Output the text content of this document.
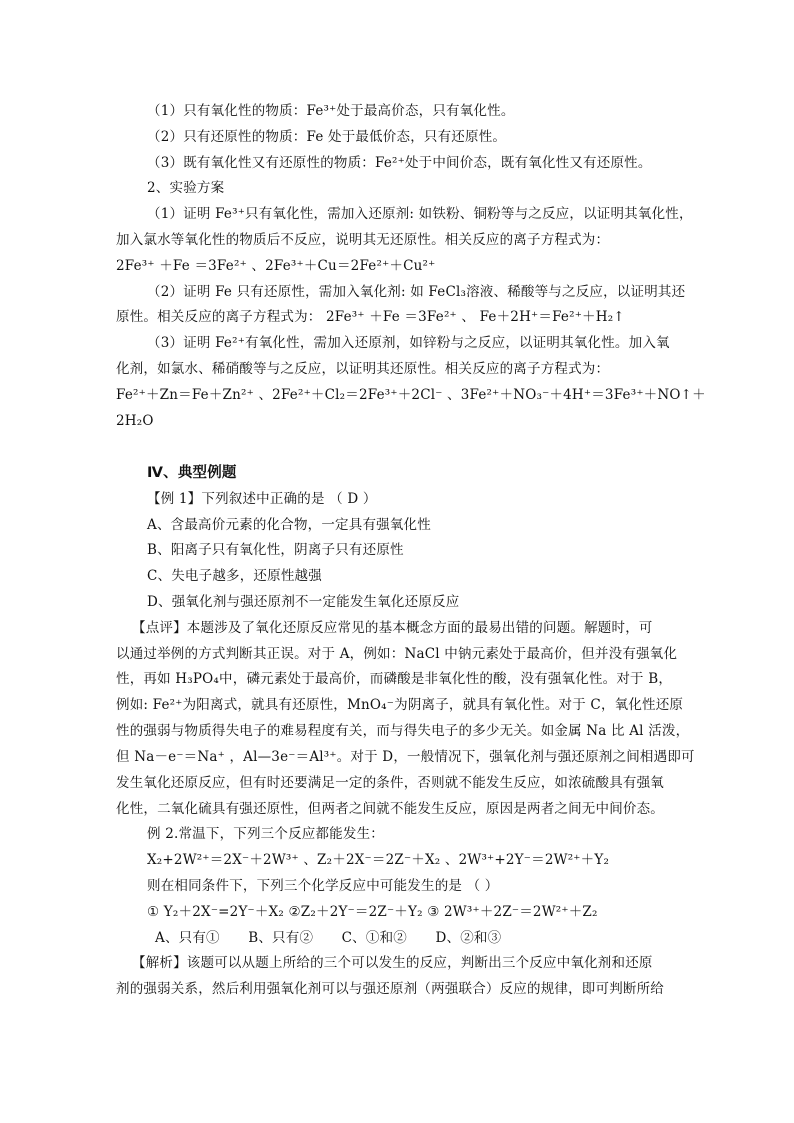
（1）只有氧化性的物质：Fe³⁺处于最高价态，只有氧化性。
（2）只有还原性的物质：Fe 处于最低价态，只有还原性。
（3）既有氧化性又有还原性的物质：Fe²⁺处于中间价态，既有氧化性又有还原性。
2、实验方案
（1）证明 Fe³⁺只有氧化性，需加入还原剂: 如铁粉、铜粉等与之反应，以证明其氧化性，
加入氯水等氧化性的物质后不反应，说明其无还原性。相关反应的离子方程式为：
2Fe³⁺ ＋Fe ＝3Fe²⁺ 、2Fe³⁺＋Cu＝2Fe²⁺＋Cu²⁺
（2）证明 Fe 只有还原性，需加入氧化剂: 如 FeCl₃溶液、稀酸等与之反应，以证明其还
原性。相关反应的离子方程式为： 2Fe³⁺ ＋Fe ＝3Fe²⁺ 、 Fe＋2H⁺＝Fe²⁺＋H₂↑
（3）证明 Fe²⁺有氧化性，需加入还原剂，如锌粉与之反应，以证明其氧化性。加入氧
化剂，如氯水、稀硝酸等与之反应，以证明其还原性。相关反应的离子方程式为：
Fe²⁺＋Zn＝Fe＋Zn²⁺ 、2Fe²⁺＋Cl₂＝2Fe³⁺＋2Cl⁻ 、3Fe²⁺＋NO₃⁻＋4H⁺＝3Fe³⁺＋NO↑＋
2H₂O
Ⅳ、典型例题
【例 1】下列叙述中正确的是 （ D ）
A、含最高价元素的化合物，一定具有强氧化性
B、阳离子只有氧化性，阴离子只有还原性
C、失电子越多，还原性越强
D、强氧化剂与强还原剂不一定能发生氧化还原反应
【点评】本题涉及了氧化还原反应常见的基本概念方面的最易出错的问题。解题时，可
以通过举例的方式判断其正误。对于 A，例如：NaCl 中钠元素处于最高价，但并没有强氧化
性，再如 H₃PO₄中，磷元素处于最高价，而磷酸是非氧化性的酸，没有强氧化性。对于 B，
例如: Fe²⁺为阳离式，就具有还原性，MnO₄⁻为阴离子，就具有氧化性。对于 C，氧化性还原
性的强弱与物质得失电子的难易程度有关，而与得失电子的多少无关。如金属 Na 比 Al 活泼，
但 Na－e⁻＝Na⁺ ，Al—3e⁻＝Al³⁺。对于 D，一般情况下，强氧化剂与强还原剂之间相遇即可
发生氧化还原反应，但有时还要满足一定的条件，否则就不能发生反应，如浓硫酸具有强氧
化性，二氧化硫具有强还原性，但两者之间就不能发生反应，原因是两者之间无中间价态。
例 2.常温下，下列三个反应都能发生：
X₂+2W²⁺＝2X⁻＋2W³⁺ 、Z₂＋2X⁻＝2Z⁻＋X₂ 、2W³⁺+2Y⁻＝2W²⁺＋Y₂
则在相同条件下，下列三个化学反应中可能发生的是 （ ）
① Y₂＋2X⁻=2Y⁻＋X₂ ②Z₂＋2Y⁻＝2Z⁻＋Y₂ ③ 2W³⁺＋2Z⁻＝2W²⁺＋Z₂
A、只有① B、只有② C、①和② D、②和③
【解析】该题可以从题上所给的三个可以发生的反应，判断出三个反应中氧化剂和还原
剂的强弱关系，然后利用强氧化剂可以与强还原剂（两强联合）反应的规律，即可判断所给
